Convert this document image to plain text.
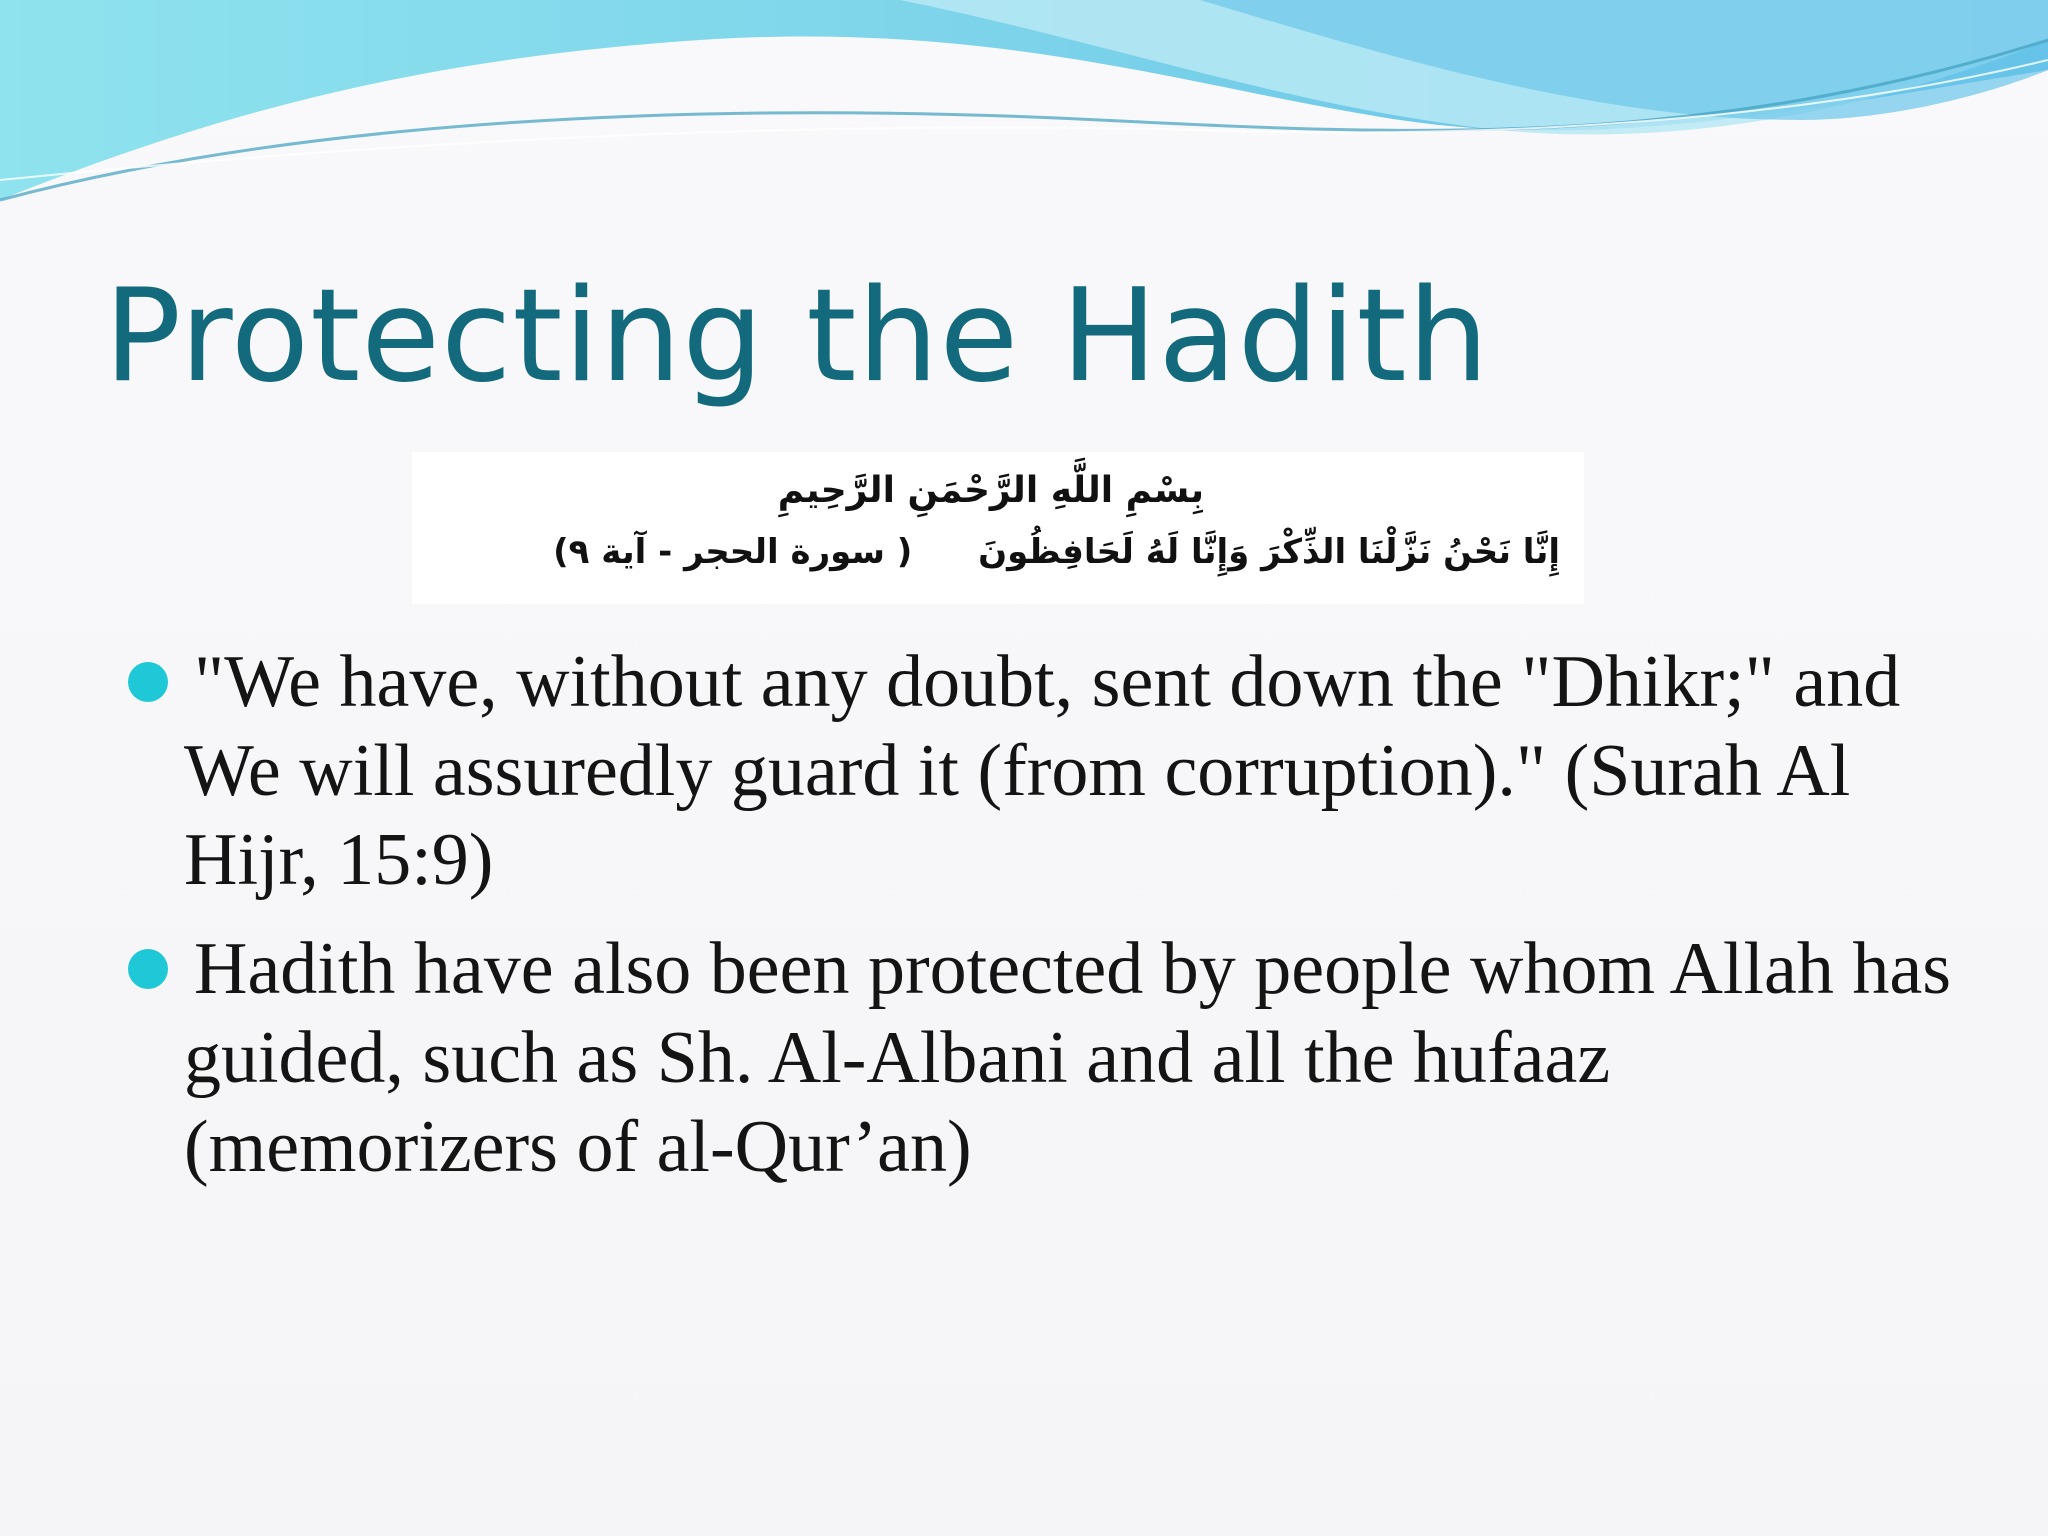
Protecting the Hadith
بِسْمِ اللَّهِ الرَّحْمَنِ الرَّحِيمِ
إِنَّا نَحْنُ نَزَّلْنَا الذِّكْرَ وَإِنَّا لَهُ لَحَافِظُونَ ( سورة الحجر - آية ٩)
"We have, without any doubt, sent down the "Dhikr;" and We will assuredly guard it (from corruption)." (Surah Al Hijr, 15:9)
Hadith have also been protected by people whom Allah has guided, such as Sh. Al-Albani and all the hufaaz (memorizers of al-Qur’an)
